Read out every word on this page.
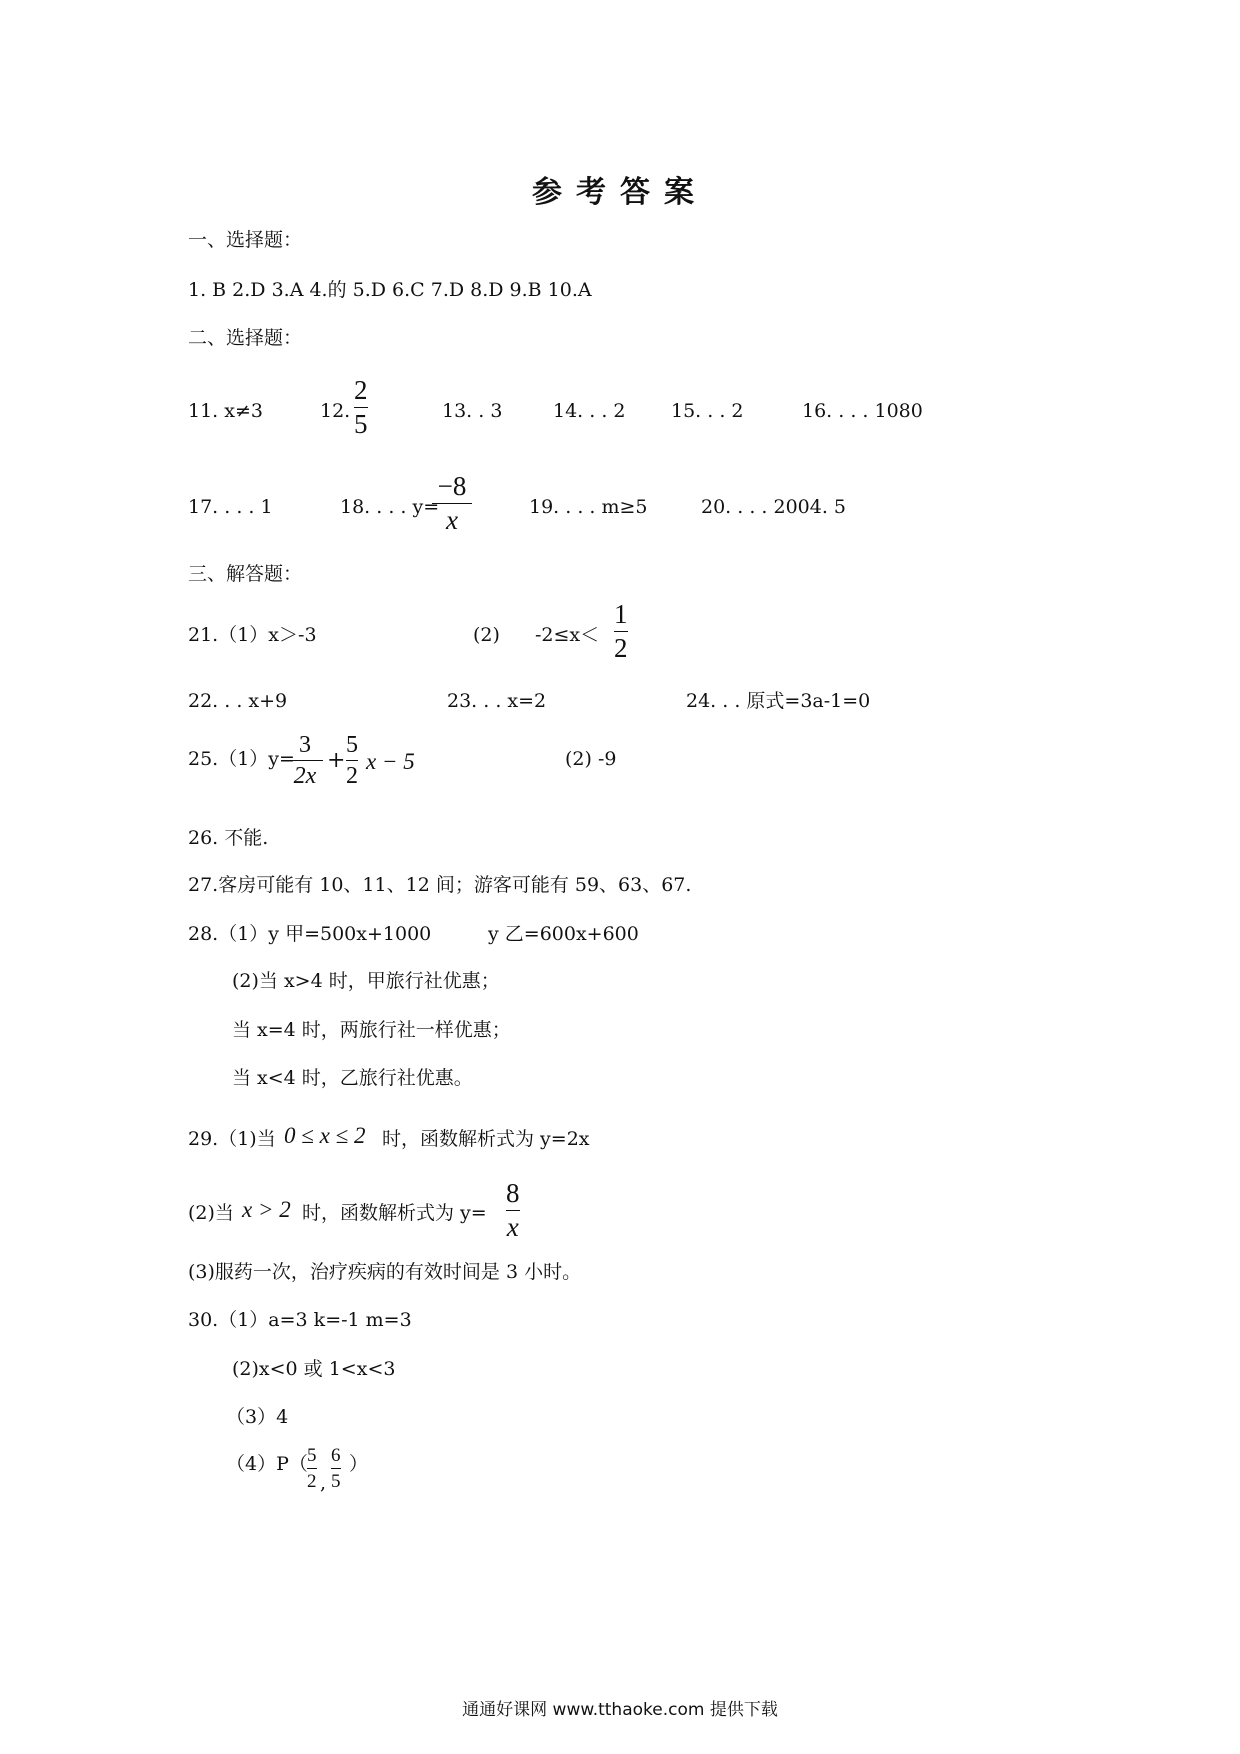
参考答案
一、选择题：
1. B 2.D 3.A 4.的 5.D 6.C 7.D 8.D 9.B 10.A
二、选择题：
11. x≠3	12.
2
5	13. . 3	14. . . 2 15. . . 2	16. . . . 1080
17. . . . 1	18. . . . y=
−8
x	19. . . . m≥5	20. . . . 2004. 5
三、解答题：
21.（1）x＞-3	(2) -2≤x＜
1
2
22. . . x+9	23. . . x=2	24. . . 原式=3a-1=0
25.（1）y=
3
2x
+
5
2
x − 5	(2) -9
26. 不能.
27.客房可能有 10、11、12 间；游客可能有 59、63、67.
28.（1）y 甲=500x+1000	y 乙=600x+600
(2)当 x>4 时，甲旅行社优惠；
当 x=4 时，两旅行社一样优惠；
当 x<4 时，乙旅行社优惠。
29.（1)当 0 ≤ x ≤ 2 时，函数解析式为 y=2x
(2)当 x > 2 时，函数解析式为 y=
8
x
(3)服药一次，治疗疾病的有效时间是 3 小时。
30.（1）a=3 k=-1 m=3
(2)x<0 或 1<x<3
（3）4
（4）P（ 5
2 ,
6
5
）
通通好课网 www.tthaoke.com 提供下载
